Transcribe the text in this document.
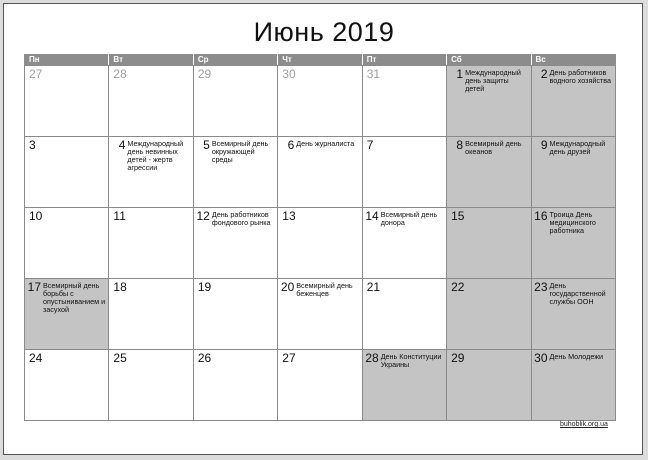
Июнь 2019
Пн	Вт	Ср	Чт	Пт	Сб	Вс

27	28	29	30	31	1 Международный день защиты детей	2 День работников водного хозяйства

3	4 Международный день невинных детей - жертв агрессии	5 Всемирный день окружающей среды	6 День журналиста	7	8 Всемирный день океанов	9 Международный день друзей

10	11	12 День работников фондового рынка	13	14 Всемирный день донора	15	16 Троица День медицинского работника

17 Всемирный день борьбы с опустыниванием и засухой	18	19	20 Всемирный день беженцев	21	22	23 День государственной службы ООН

24	25	26	27	28 День Конституции Украины	29	30 День Молодежи
buhoblik.org.ua
